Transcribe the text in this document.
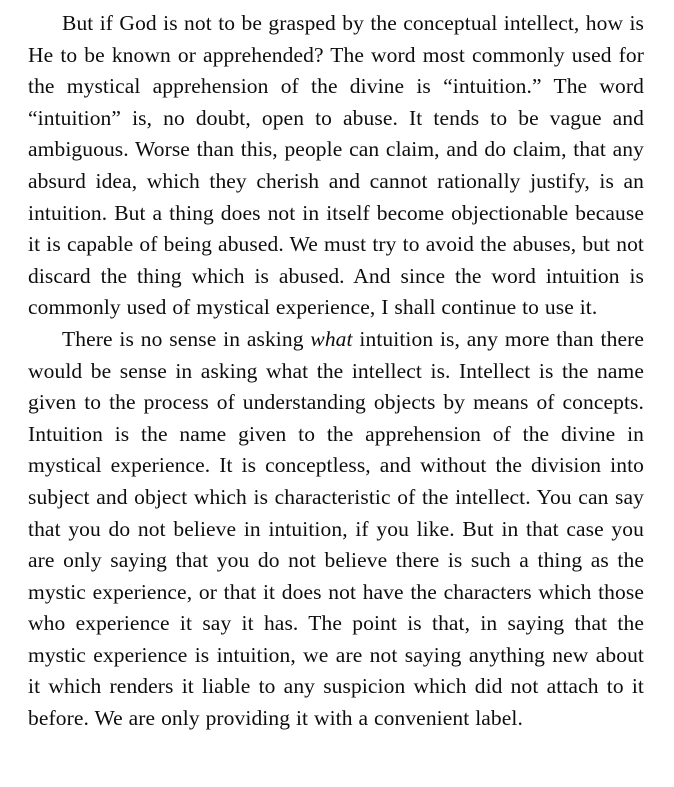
But if God is not to be grasped by the conceptual intellect, how is He to be known or apprehended? The word most commonly used for the mystical apprehension of the divine is “intuition.” The word “intuition” is, no doubt, open to abuse. It tends to be vague and ambiguous. Worse than this, people can claim, and do claim, that any absurd idea, which they cherish and cannot rationally justify, is an intuition. But a thing does not in itself become objectionable because it is capable of being abused. We must try to avoid the abuses, but not discard the thing which is abused. And since the word intuition is commonly used of mystical experience, I shall continue to use it.

There is no sense in asking what intuition is, any more than there would be sense in asking what the intellect is. Intellect is the name given to the process of understanding objects by means of concepts. Intuition is the name given to the apprehension of the divine in mystical experience. It is conceptless, and without the division into subject and object which is characteristic of the intellect. You can say that you do not believe in intuition, if you like. But in that case you are only saying that you do not believe there is such a thing as the mystic experience, or that it does not have the characters which those who experience it say it has. The point is that, in saying that the mystic experience is intuition, we are not saying anything new about it which renders it liable to any suspicion which did not attach to it before. We are only providing it with a convenient label.
